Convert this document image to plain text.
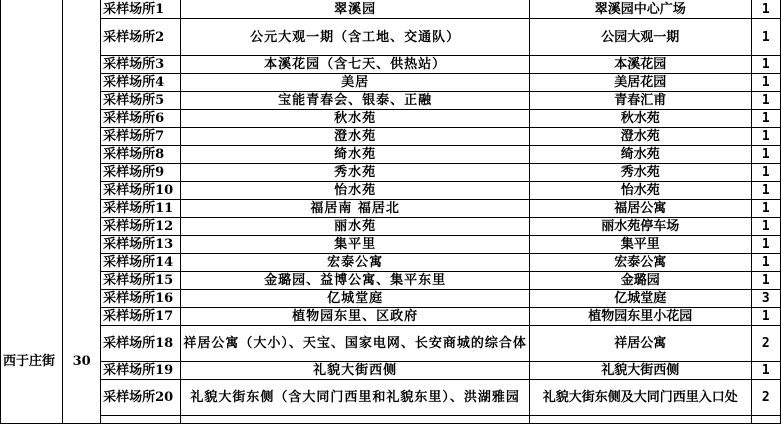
西于庄街	30	采样场所1	翠溪园	翠溪园中心广场	1
		采样场所2	公元大观一期（含工地、交通队）	公园大观一期	1
		采样场所3	本溪花园（含七天、供热站）	本溪花园	1
		采样场所4	美居	美居花园	1
		采样场所5	宝能青春会、银泰、正融	青春汇甫	1
		采样场所6	秋水苑	秋水苑	1
		采样场所7	澄水苑	澄水苑	1
		采样场所8	绮水苑	绮水苑	1
		采样场所9	秀水苑	秀水苑	1
		采样场所10	怡水苑	怡水苑	1
		采样场所11	福居南 福居北	福居公寓	1
		采样场所12	丽水苑	丽水苑停车场	1
		采样场所13	集平里	集平里	1
		采样场所14	宏泰公寓	宏泰公寓	1
		采样场所15	金璐园、益博公寓、集平东里	金璐园	1
		采样场所16	亿城堂庭	亿城堂庭	3
		采样场所17	植物园东里、区政府	植物园东里小花园	1
		采样场所18	祥居公寓（大小）、天宝、国家电网、长安商城的综合体	祥居公寓	2
		采样场所19	礼貌大街西侧	礼貌大街西侧	1
		采样场所20	礼貌大街东侧（含大同门西里和礼貌东里）、洪湖雅园	礼貌大街东侧及大同门西里入口处	2
